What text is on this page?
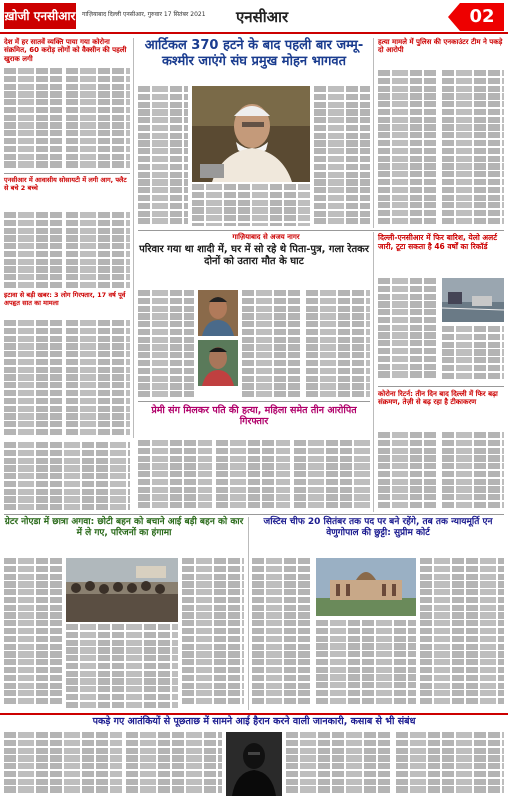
ख़ोजी एनसीआर गाज़ियाबाद दिल्ली एनसीआर, गुरुवार 17 सितंबर 2021 एनसीआर	02
देश में हर सातवें व्यक्ति पाया गया कोरोना संक्रमित, 60 करोड़ लोगों को वैक्सीन की पहली खुराक लगी
एनसीआर में आवासीय सोसायटी में लगी आग, फ्लैट से बचे 2 बच्चे
इटावा से बड़ी खबर: 3 लोग गिरफ्तार, 17 वर्ष पूर्व अपहृत सात का मामला
आर्टिकल 370 हटने के बाद पहली बार जम्मू-कश्मीर जाएंगे संघ प्रमुख मोहन भागवत
हत्या मामले में पुलिस की एनकाउंटर टीम ने पकड़े दो आरोपी
गाज़ियाबाद से अजय नागर
परिवार गया था शादी में, घर में सो रहे थे पिता-पुत्र, गला रेतकर दोनों को उतारा मौत के घाट
प्रेमी संग मिलकर पति की हत्या, महिला समेत तीन आरोपित गिरफ्तार
दिल्ली-एनसीआर में फिर बारिश, येलो अलर्ट जारी, टूटा सकता है 46 वर्षों का रिकॉर्ड
कोरोना रिटर्न: तीन दिन बाद दिल्ली में फिर बढ़ा संक्रमण, तेज़ी से बढ़ रहा है टीकाकरण
ग्रेटर नोएडा में छात्रा अगवा: छोटी बहन को बचाने आई बड़ी बहन को कार में ले गए, परिजनों का हंगामा
जस्टिस चीफ 20 सितंबर तक पद पर बने रहेंगे, तब तक न्यायमूर्ति एन वेणुगोपाल की छुट्टी: सुप्रीम कोर्ट
पकड़े गए आतंकियों से पूछताछ में सामने आई हैरान करने वाली जानकारी, कसाब से भी संबंध
